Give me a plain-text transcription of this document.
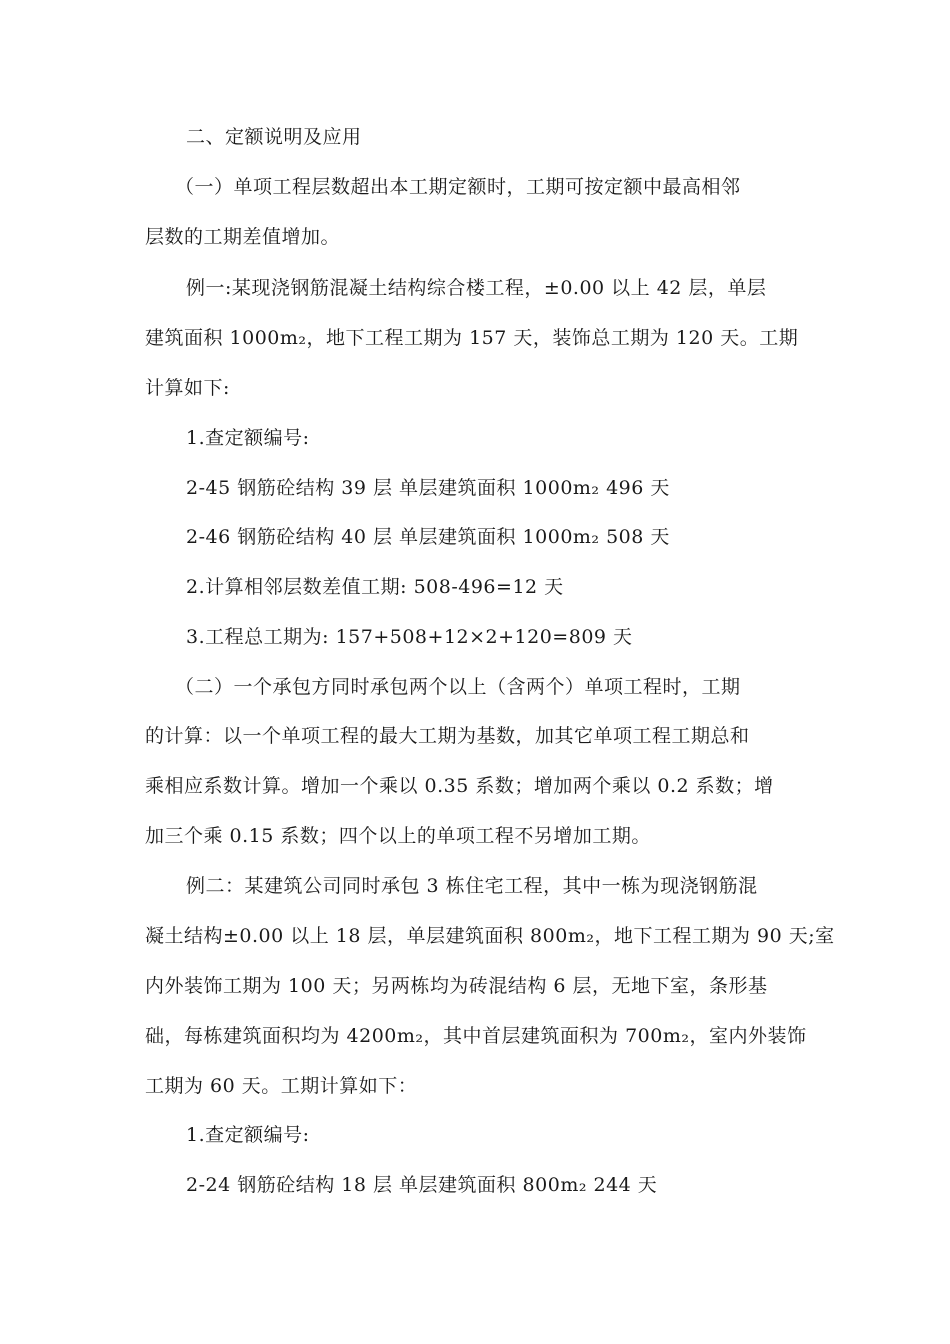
二、定额说明及应用
（一）单项工程层数超出本工期定额时，工期可按定额中最高相邻
层数的工期差值增加。
例一:某现浇钢筋混凝土结构综合楼工程，±0.00 以上 42 层，单层
建筑面积 1000m₂，地下工程工期为 157 天，装饰总工期为 120 天。工期
计算如下:
1.查定额编号:
2-45 钢筋砼结构 39 层 单层建筑面积 1000m₂ 496 天
2-46 钢筋砼结构 40 层 单层建筑面积 1000m₂ 508 天
2.计算相邻层数差值工期: 508-496=12 天
3.工程总工期为: 157+508+12×2+120=809 天
（二）一个承包方同时承包两个以上（含两个）单项工程时，工期
的计算：以一个单项工程的最大工期为基数，加其它单项工程工期总和
乘相应系数计算。增加一个乘以 0.35 系数；增加两个乘以 0.2 系数；增
加三个乘 0.15 系数；四个以上的单项工程不另增加工期。
例二：某建筑公司同时承包 3 栋住宅工程，其中一栋为现浇钢筋混
凝土结构±0.00 以上 18 层，单层建筑面积 800m₂，地下工程工期为 90 天;室
内外装饰工期为 100 天；另两栋均为砖混结构 6 层，无地下室，条形基
础，每栋建筑面积均为 4200m₂，其中首层建筑面积为 700m₂，室内外装饰
工期为 60 天。工期计算如下：
1.查定额编号:
2-24 钢筋砼结构 18 层 单层建筑面积 800m₂ 244 天
